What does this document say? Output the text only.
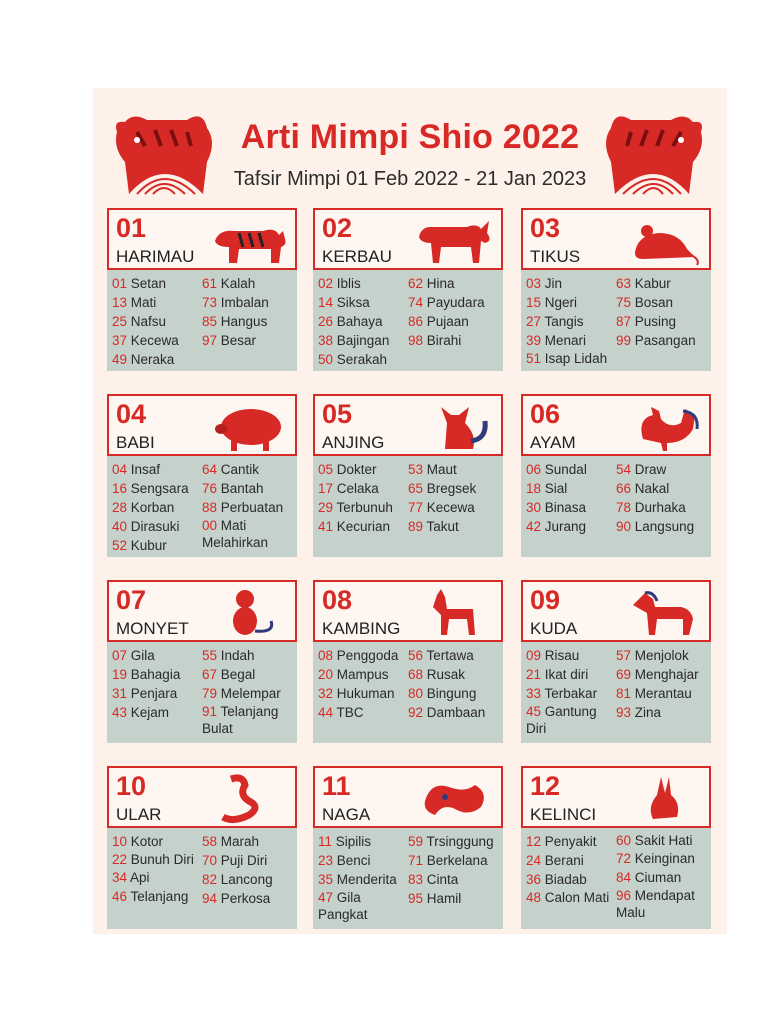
Arti Mimpi Shio 2022
Tafsir Mimpi 01 Feb 2022 - 21 Jan 2023
01
HARIMAU
01 Setan
13 Mati
25 Nafsu
37 Kecewa
49 Neraka
61 Kalah
73 Imbalan
85 Hangus
97 Besar
02
KERBAU
02 Iblis
14 Siksa
26 Bahaya
38 Bajingan
50 Serakah
62 Hina
74 Payudara
86 Pujaan
98 Birahi
03
TIKUS
03 Jin
15 Ngeri
27 Tangis
39 Menari
51 Isap Lidah
63 Kabur
75 Bosan
87 Pusing
99 Pasangan
04
BABI
04 Insaf
16 Sengsara
28 Korban
40 Dirasuki
52 Kubur
64 Cantik
76 Bantah
88 Perbuatan
00 Mati Melahirkan
05
ANJING
05 Dokter
17 Celaka
29 Terbunuh
41 Kecurian
53 Maut
65 Bregsek
77 Kecewa
89 Takut
06
AYAM
06 Sundal
18 Sial
30 Binasa
42 Jurang
54 Draw
66 Nakal
78 Durhaka
90 Langsung
07
MONYET
07 Gila
19 Bahagia
31 Penjara
43 Kejam
55 Indah
67 Begal
79 Melempar
91 Telanjang Bulat
08
KAMBING
08 Penggoda
20 Mampus
32 Hukuman
44 TBC
56 Tertawa
68 Rusak
80 Bingung
92 Dambaan
09
KUDA
09 Risau
21 Ikat diri
33 Terbakar
45 Gantung Diri
57 Menjolok
69 Menghajar
81 Merantau
93 Zina
10
ULAR
10 Kotor
22 Bunuh Diri
34 Api
46 Telanjang
58 Marah
70 Puji Diri
82 Lancong
94 Perkosa
11
NAGA
11 Sipilis
23 Benci
35 Menderita
47 Gila Pangkat
59 Trsinggung
71 Berkelana
83 Cinta
95 Hamil
12
KELINCI
12 Penyakit
24 Berani
36 Biadab
48 Calon Mati
60 Sakit Hati
72 Keinginan
84 Ciuman
96 Mendapat Malu
